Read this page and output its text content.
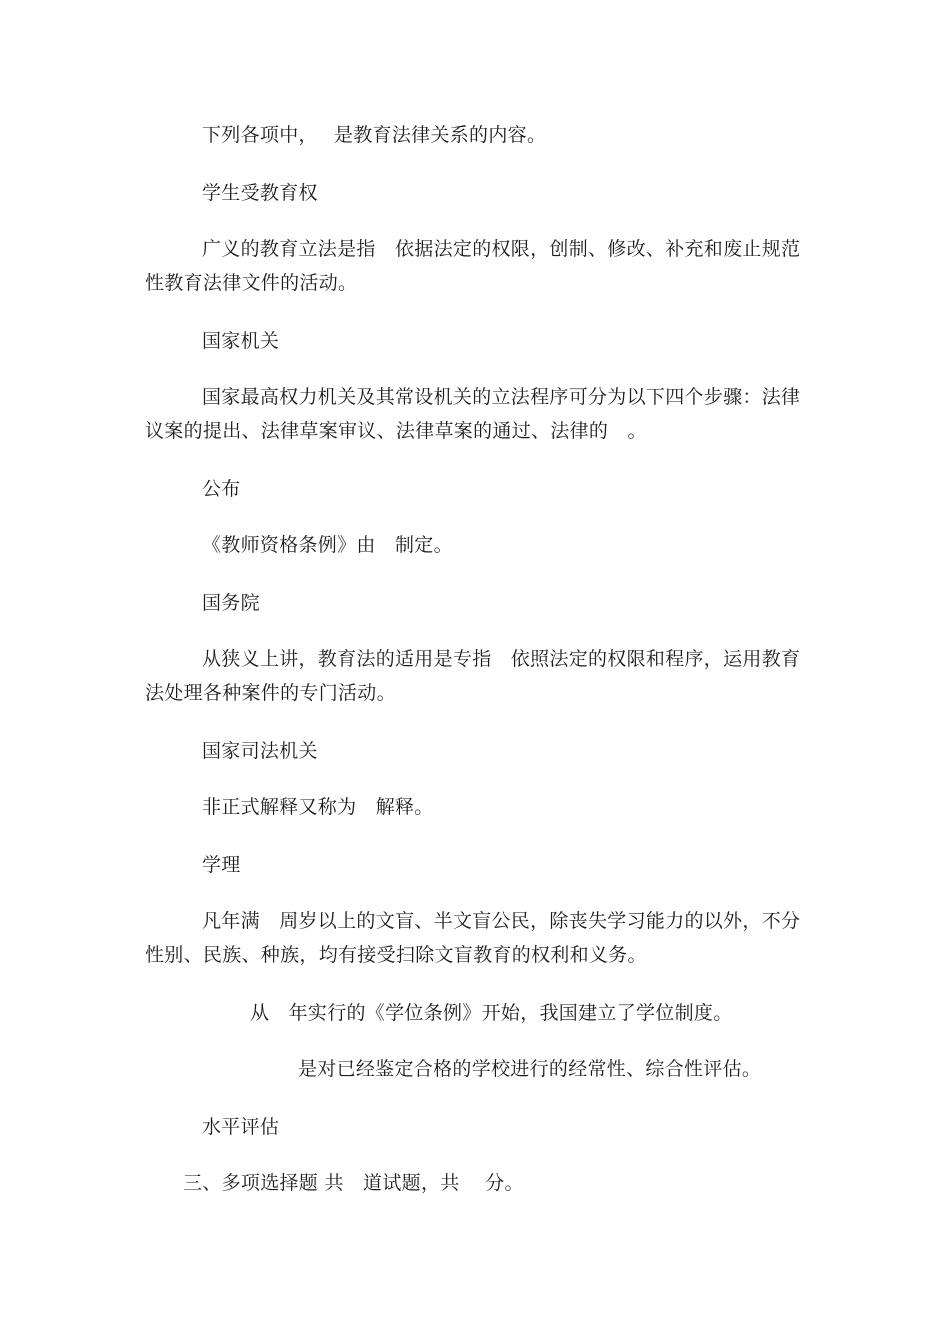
下列各项中，　 是教育法律关系的内容。

学生受教育权

广义的教育立法是指　依据法定的权限，创制、修改、补充和废止规范

性教育法律文件的活动。

国家机关

国家最高权力机关及其常设机关的立法程序可分为以下四个步骤：法律

议案的提出、法律草案审议、法律草案的通过、法律的　。

公布

《教师资格条例》由　制定。

国务院

从狭义上讲，教育法的适用是专指　依照法定的权限和程序，运用教育

法处理各种案件的专门活动。

国家司法机关

非正式解释又称为　解释。

学理

凡年满　周岁以上的文盲、半文盲公民，除丧失学习能力的以外，不分

性别、民族、种族，均有接受扫除文盲教育的权利和义务。

从　年实行的《学位条例》开始，我国建立了学位制度。

是对已经鉴定合格的学校进行的经常性、综合性评估。

水平评估

三、多项选择题 共　道试题，共　 分。
